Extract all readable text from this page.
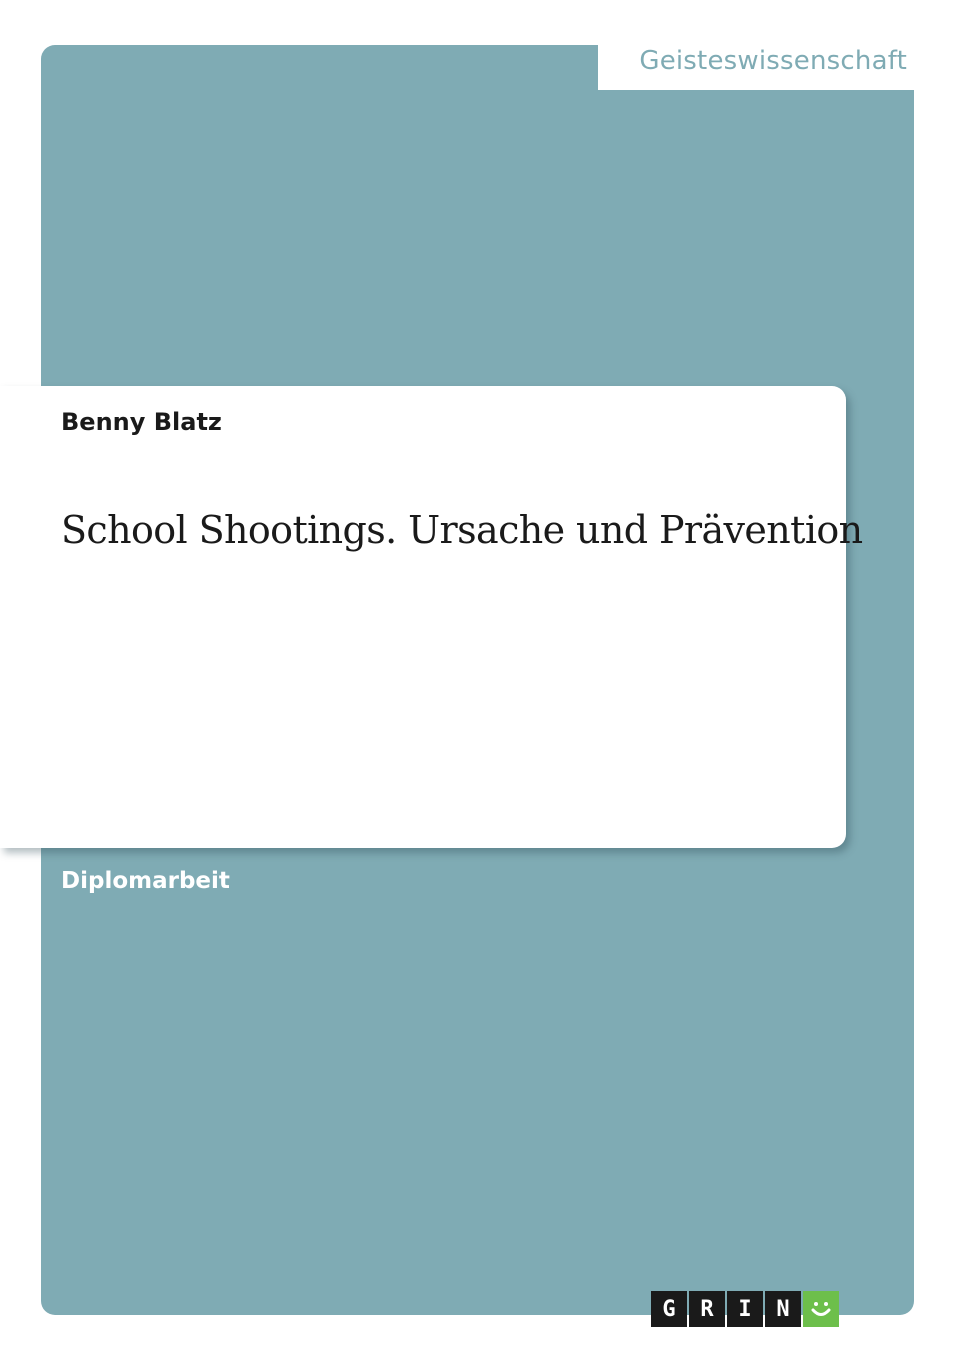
Geisteswissenschaft
Benny Blatz
School Shootings. Ursache und Prävention
Diplomarbeit
G	R	I	N
